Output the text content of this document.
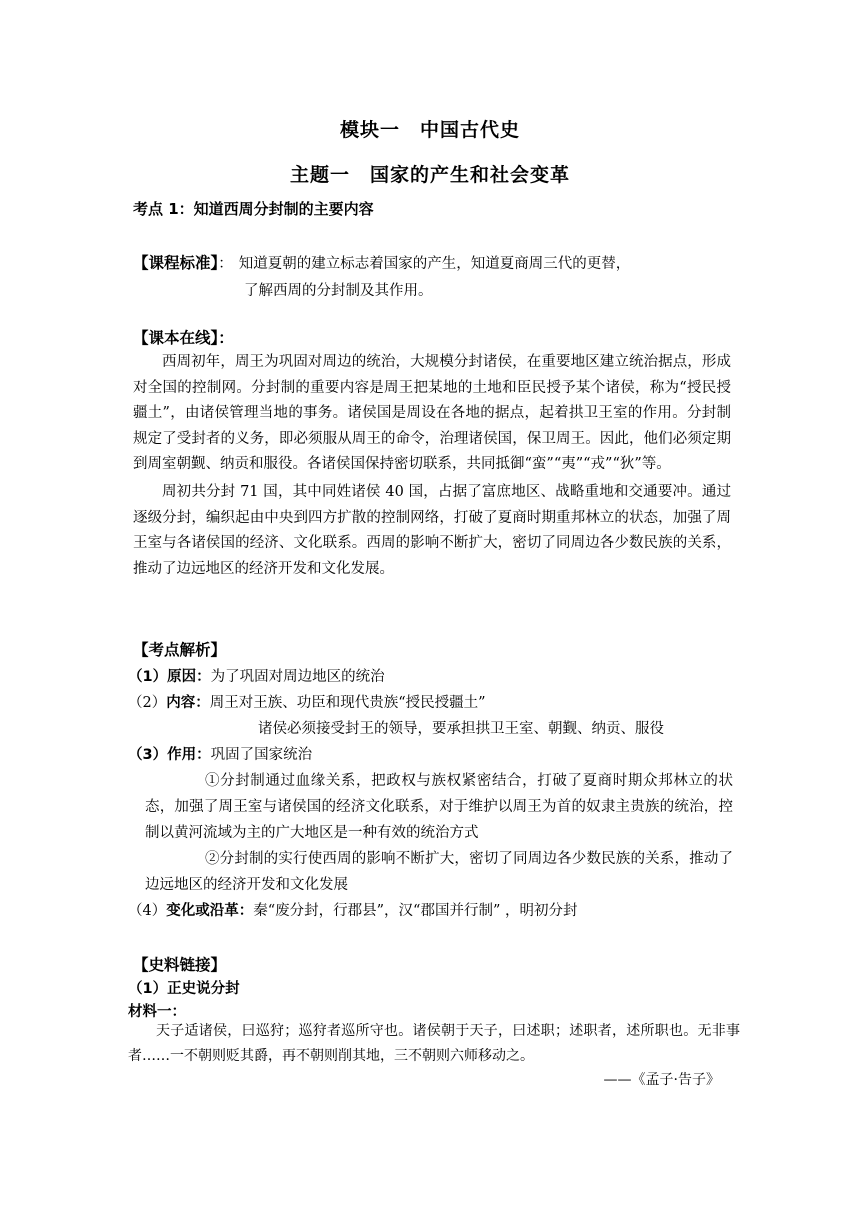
模块一　中国古代史
主题一　国家的产生和社会变革
考点 1：知道西周分封制的主要内容
【课程标准】： 知道夏朝的建立标志着国家的产生，知道夏商周三代的更替，
了解西周的分封制及其作用。
【课本在线】：

西周初年，周王为巩固对周边的统治，大规模分封诸侯，在重要地区建立统治据点，形成对全国的控制网。分封制的重要内容是周王把某地的土地和臣民授予某个诸侯，称为“授民授疆土”，由诸侯管理当地的事务。诸侯国是周设在各地的据点，起着拱卫王室的作用。分封制规定了受封者的义务，即必须服从周王的命令，治理诸侯国，保卫周王。因此，他们必须定期到周室朝觐、纳贡和服役。各诸侯国保持密切联系，共同抵御“蛮”“夷”“戎”“狄”等。

周初共分封 71 国，其中同姓诸侯 40 国，占据了富庶地区、战略重地和交通要冲。通过逐级分封，编织起由中央到四方扩散的控制网络，打破了夏商时期重邦林立的状态，加强了周王室与各诸侯国的经济、文化联系。西周的影响不断扩大，密切了同周边各少数民族的关系，推动了边远地区的经济开发和文化发展。

【考点解析】
（1）原因：为了巩固对周边地区的统治
（2）内容：周王对王族、功臣和现代贵族“授民授疆土”
诸侯必须接受封王的领导，要承担拱卫王室、朝觐、纳贡、服役
（3）作用：巩固了国家统治
①分封制通过血缘关系，把政权与族权紧密结合，打破了夏商时期众邦林立的状态，加强了周王室与诸侯国的经济文化联系，对于维护以周王为首的奴隶主贵族的统治，控制以黄河流域为主的广大地区是一种有效的统治方式
②分封制的实行使西周的影响不断扩大，密切了同周边各少数民族的关系，推动了边远地区的经济开发和文化发展
（4）变化或沿革：秦“废分封，行郡县”，汉“郡国并行制” ，明初分封
【史料链接】
（1）正史说分封
材料一：
天子适诸侯，曰巡狩；巡狩者巡所守也。诸侯朝于天子，曰述职；述职者，述所职也。无非事者……一不朝则贬其爵，再不朝则削其地，三不朝则六师移动之。
——《孟子·告子》
